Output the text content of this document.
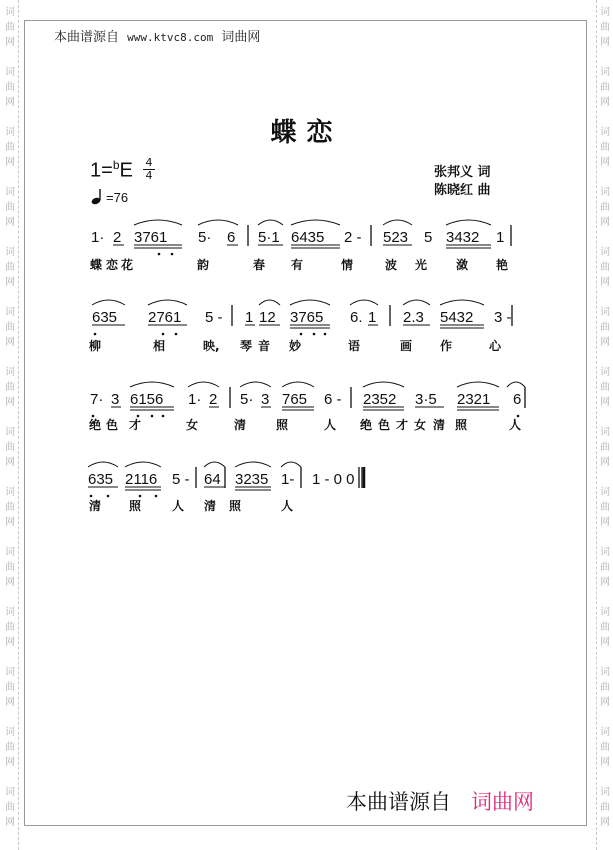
词
曲
网
词
曲
网
词
曲
网
词
曲
网
词
曲
网
词
曲
网
词
曲
网
词
曲
网
词
曲
网
词
曲
网
词
曲
网
词
曲
网
词
曲
网
词
曲
网
词
曲
网
词
曲
网
词
曲
网
词
曲
网
词
曲
网
词
曲
网
词
曲
网
词
曲
网
词
曲
网
词
曲
网
词
曲
网
词
曲
网
词
曲
网
词
曲
网
本曲谱源自 www.ktvc8.com 词曲网
蝶恋
$1=^bE \frac{4}{4}$
=76
张邦义 词
陈晓红 曲
1· 2 3761 5· 6 5·1 6435 2 - 523 5 3432 1
635 2761 5 - 1 12 3765 6. 1 2.3 5432 3 -
7· 3 6156 1· 2 5· 3 765 6 - 2352 3·5 2321 6
635 2116 5 - 64 3235 1- 1 - 0 0
蝶 恋 花	韵	春 有	情	波 光 潋 艳
柳	相	映, 琴 音 妙	语	画 作	心
绝 色 才	女	清 照	人 绝 色 才 女 清 照	人
清 照	人 清 照	人
本曲谱源自 词曲网
